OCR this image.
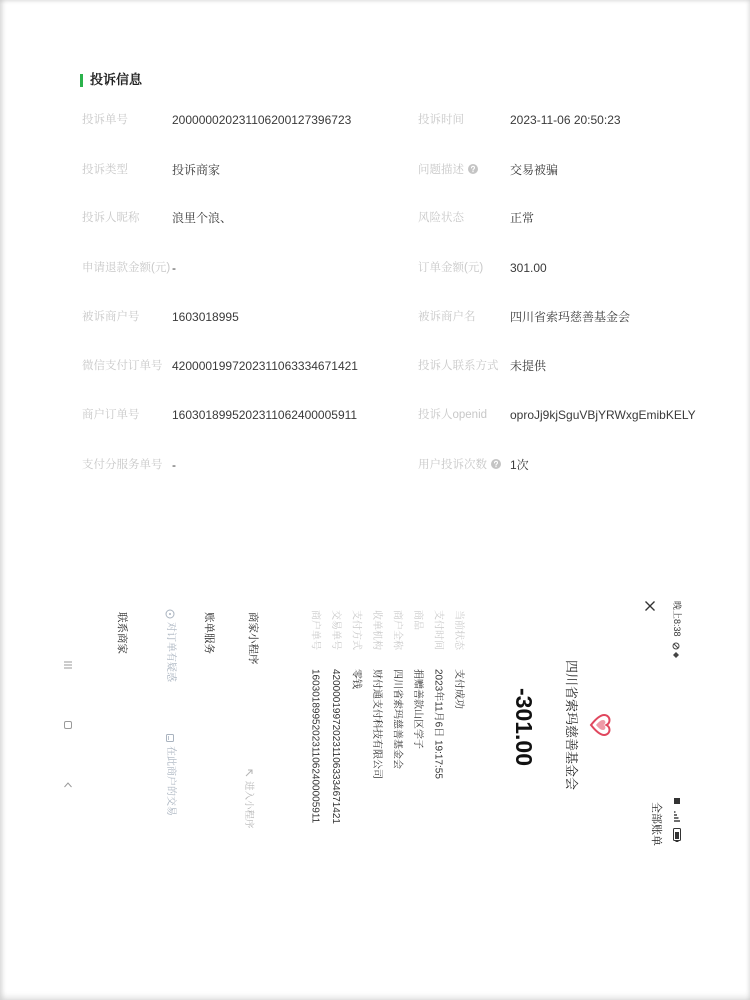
投诉信息
投诉单号	200000020231106200127396723	投诉时间	2023-11-06 20:50:23
投诉类型	投诉商家	问题描述	交易被骗
投诉人昵称	浪里个浪、	风险状态	正常
申请退款金额(元) -	订单金额(元) 301.00
被诉商户号	1603018995	被诉商户名	四川省索玛慈善基金会
微信支付订单号 4200001997202311063334671421	投诉人联系方式 未提供
商户订单号	1603018995202311062400005911	投诉人openid oproJj9kjSguVBjYRWxgEmibKELY
支付分服务单号 -	用户投诉次数	1次
晚上8:38
全部账单
四川省索玛慈善基金会
-301.00
当前状态
支付成功
支付时间
2023年11月6日 19:17:55
商品
捐赠善款山区学子
商户全称
四川省索玛慈善基金会
收单机构
财付通支付科技有限公司
支付方式
零钱
交易单号
4200001997202311063334671421
商户单号
1603018995202311062400005911
商家小程序
进入小程序
账单服务
对订单有疑惑
在此商户的交易
联系商家
